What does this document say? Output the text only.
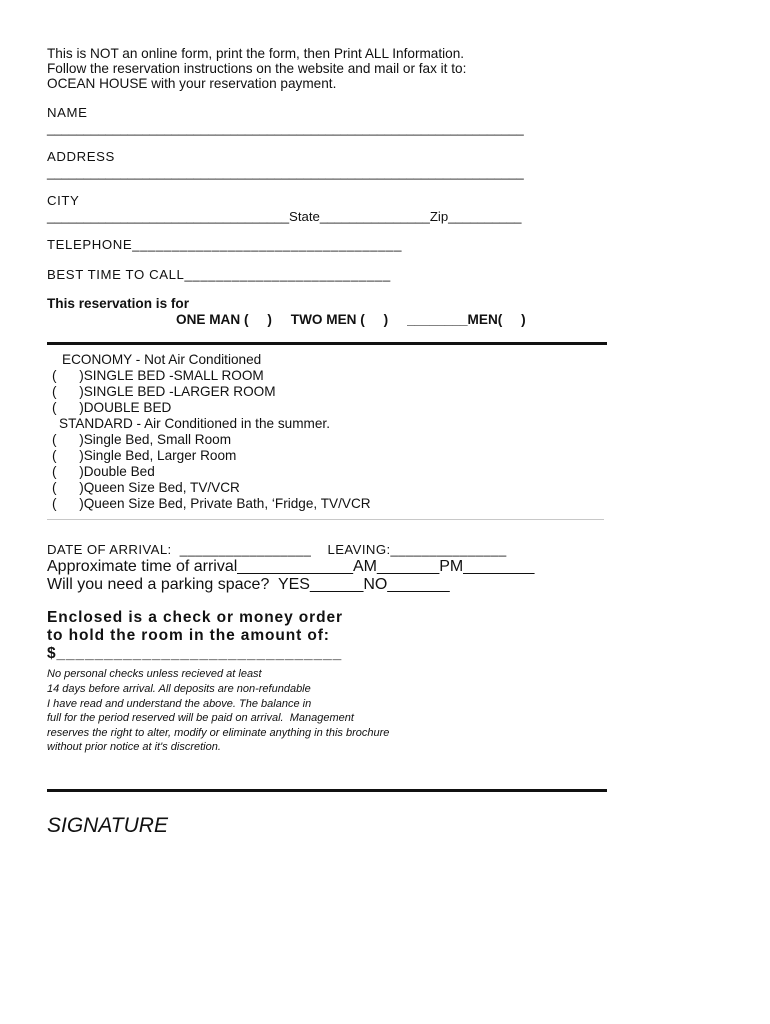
This is NOT an online form, print the form, then Print ALL Information.
Follow the reservation instructions on the website and mail or fax it to:
OCEAN HOUSE with your reservation payment.
NAME
_________________________________________________________________
ADDRESS
_________________________________________________________________
CITY
_________________________________State_______________Zip__________
TELEPHONE__________________________________
BEST TIME TO CALL__________________________
This reservation is for
ONE MAN (     )     TWO MEN (     )     ________MEN(     )
ECONOMY - Not Air Conditioned
(      )SINGLE BED -SMALL ROOM
(      )SINGLE BED -LARGER ROOM
(      )DOUBLE BED
STANDARD - Air Conditioned in the summer.
(      )Single Bed, Small Room
(      )Single Bed, Larger Room
(      )Double Bed
(      )Queen Size Bed, TV/VCR
(      )Queen Size Bed, Private Bath, ‘Fridge, TV/VCR
DATE OF ARRIVAL:  _________________    LEAVING:_______________
Approximate time of arrival_____________AM_______PM________
Will you need a parking space?  YES______NO_______
Enclosed is a check or money order
to hold the room in the amount of:
$______________________________
No personal checks unless recieved at least
14 days before arrival. All deposits are non-refundable
I have read and understand the above. The balance in
full for the period reserved will be paid on arrival.  Management
reserves the right to alter, modify or eliminate anything in this brochure
without prior notice at it's discretion.
SIGNATURE
